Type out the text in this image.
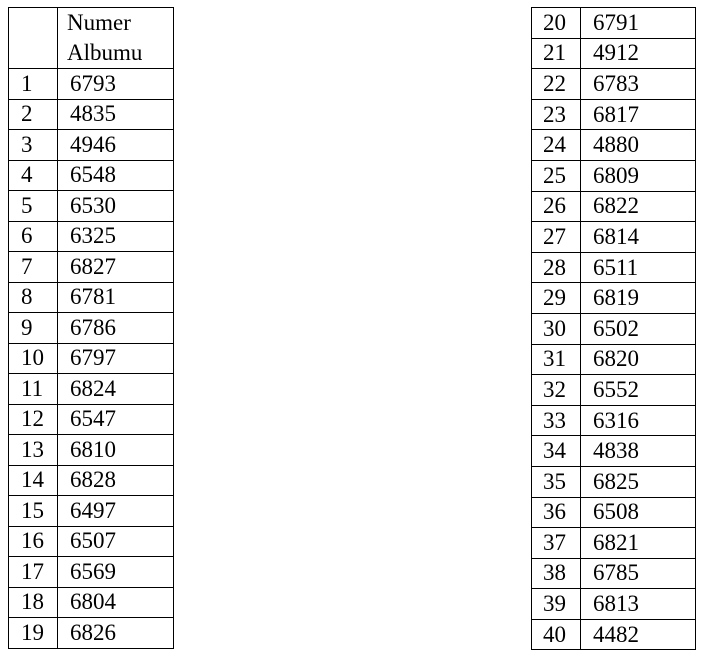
	Numer
Albumu
1	6793
2	4835
3	4946
4	6548
5	6530
6	6325
7	6827
8	6781
9	6786
10	6797
11	6824
12	6547
13	6810
14	6828
15	6497
16	6507
17	6569
18	6804
19	6826
20	6791
21	4912
22	6783
23	6817
24	4880
25	6809
26	6822
27	6814
28	6511
29	6819
30	6502
31	6820
32	6552
33	6316
34	4838
35	6825
36	6508
37	6821
38	6785
39	6813
40	4482
